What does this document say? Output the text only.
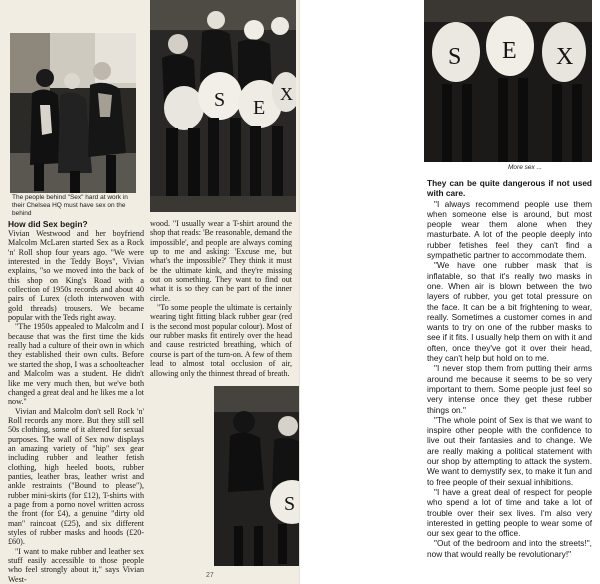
The people behind "Sex" hard at work in their Chelsea HQ must have sex on the behind
S E
X
How did Sex begin?

Vivian Westwood and her boyfriend Malcolm McLaren started Sex as a Rock 'n' Roll shop four years ago. "We were interested in the Teddy Boys", Vivian explains, "so we moved into the back of this shop on King's Road with a collection of 1950s records and about 40 pairs of Lurex (cloth interwoven with gold threads) trousers. We became popular with the Teds right away.

"The 1950s appealed to Malcolm and I because that was the first time the kids really had a culture of their own in which they established their own cults. Before we started the shop, I was a schoolteacher and Malcolm was a student. He didn't like me very much then, but we've both changed a great deal and he likes me a lot now."

Vivian and Malcolm don't sell Rock 'n' Roll records any more. But they still sell 50s clothing, some of it altered for sexual purposes. The wall of Sex now displays an amazing variety of "hip" sex gear including rubber and leather fetish clothing, high heeled boots, rubber panties, leather bras, leather wrist and ankle restraints ("Bound to please"), rubber mini-skirts (for £12), T-shirts with a page from a porno novel written across the front (for £4), a genuine "dirty old man" raincoat (£25), and six different styles of rubber masks and hoods (£20-£60).

"I want to make rubber and leather sex stuff easily accessible to those people who feel strongly about it," says Vivian West-

wood. "I usually wear a T-shirt around the shop that reads: 'Be reasonable, demand the impossible', and people are always coming up to me and asking: 'Excuse me, but what's the impossible?' They think it must be the ultimate kink, and they're missing out on something. They want to find out what it is so they can be part of the inner circle.

"To some people the ultimate is certainly wearing tight fitting black rubber gear (red is the second most popular colour). Most of our rubber masks fit entirely over the head and cause restricted breathing, which of course is part of the turn-on. A few of them lead to almost total occlusion of air, allowing only the thinnest thread of breath.

S
27
S E X
More sex ...

They can be quite dangerous if not used with care.

"I always recommend people use them when someone else is around, but most people wear them alone when they masturbate. A lot of the people deeply into rubber fetishes feel they can't find a sympathetic partner to accommodate them.

"We have one rubber mask that is inflatable, so that it's really two masks in one. When air is blown between the two layers of rubber, you get total pressure on the face. It can be a bit frightening to wear, really. Sometimes a customer comes in and wants to try on one of the rubber masks to see if it fits. I usually help them on with it and often, once they've got it over their head, they can't help but hold on to me.

"I never stop them from putting their arms around me because it seems to be so very important to them. Some people just feel so very intense once they get these rubber things on."

"The whole point of Sex is that we want to inspire other people with the confidence to live out their fantasies and to change. We are really making a political statement with our shop by attempting to attack the system. We want to demystify sex, to make it fun and to free people of their sexual inhibitions.

"I have a great deal of respect for people who spend a lot of time and take a lot of trouble over their sex lives. I'm also very interested in getting people to wear some of our sex gear to the office.

"Out of the bedroom and into the streets!", now that would really be revolutionary!"
